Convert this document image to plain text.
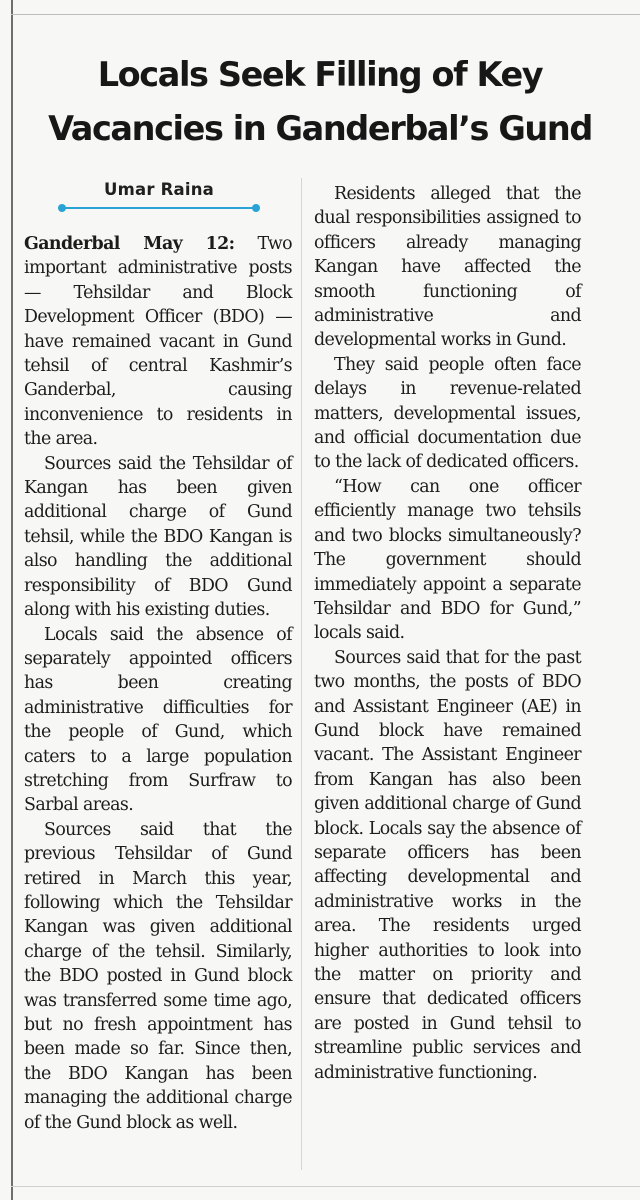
Locals Seek Filling of Key
Vacancies in Ganderbal’s Gund
Umar Raina

Ganderbal May 12: Two important administrative posts — Tehsildar and Block Development Officer (BDO) — have remained vacant in Gund tehsil of central Kashmir’s Ganderbal, causing inconvenience to residents in the area.

Sources said the Tehsildar of Kangan has been given additional charge of Gund tehsil, while the BDO Kangan is also handling the additional responsibility of BDO Gund along with his existing duties.

Locals said the absence of separately appointed officers has been creating administrative difficulties for the people of Gund, which caters to a large population stretching from Surfraw to Sarbal areas.

Sources said that the previous Tehsildar of Gund retired in March this year, following which the Tehsildar Kangan was given additional charge of the tehsil. Similarly, the BDO posted in Gund block was transferred some time ago, but no fresh appointment has been made so far. Since then, the BDO Kangan has been managing the additional charge of the Gund block as well.

Residents alleged that the dual responsibilities assigned to officers already managing Kangan have affected the smooth functioning of administrative and developmental works in Gund.

They said people often face delays in revenue-related matters, developmental issues, and official documentation due to the lack of dedicated officers.

“How can one officer efficiently manage two tehsils and two blocks simultaneously? The government should immediately appoint a separate Tehsildar and BDO for Gund,” locals said.

Sources said that for the past two months, the posts of BDO and Assistant Engineer (AE) in Gund block have remained vacant. The Assistant Engineer from Kangan has also been given additional charge of Gund block. Locals say the absence of separate officers has been affecting developmental and administrative works in the area. The residents urged higher authorities to look into the matter on priority and ensure that dedicated officers are posted in Gund tehsil to streamline public services and administrative functioning.
